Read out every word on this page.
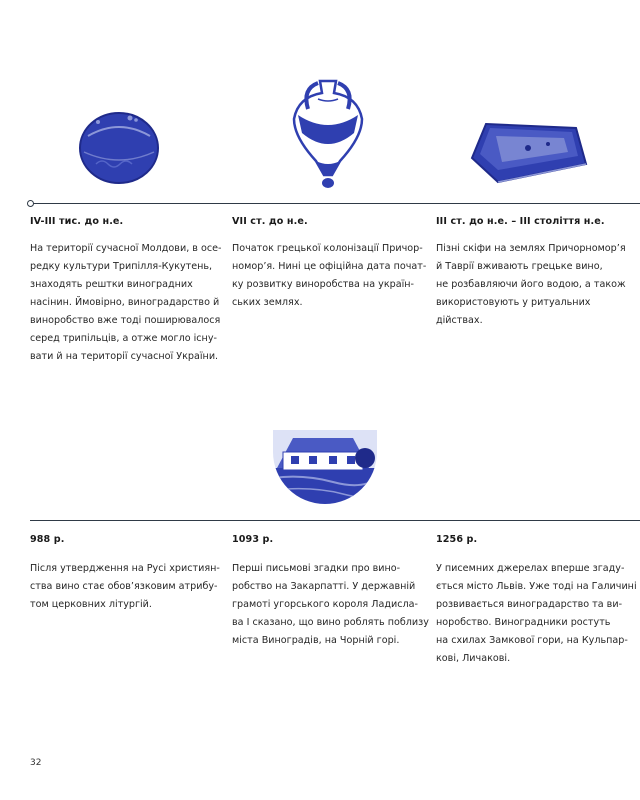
IV-III тис. до н.е.
На території сучасної Молдови, в осе-
редку культури Трипілля-Кукутень,
знаходять рештки виноградних
насінин. Ймовірно, виноградарство й
виноробство вже тоді поширювалося
серед трипільців, а отже могло існу-
вати й на території сучасної України.
VII ст. до н.е.
Початок грецької колонізації Причор-
номор’я. Нині це офіційна дата почат-
ку розвитку виноробства на україн-
ських землях.
III ст. до н.е. – III століття н.е.
Пізні скіфи на землях Причорномор’я
й Таврії вживають грецьке вино,
не розбавляючи його водою, а також
використовують у ритуальних дійствах.
988 р.
Після утвердження на Русі християн-
ства вино стає обов’язковим атрибу-
том церковних літургій.
1093 р.
Перші письмові згадки про вино-
робство на Закарпатті. У державній
грамоті угорського короля Ладисла-
ва I сказано, що вино роблять поблизу
міста Виноградів, на Чорній горі.
1256 р.
У писемних джерелах вперше згаду-
ється місто Львів. Уже тоді на Галичині
розвивається виноградарство та ви-
норобство. Виноградники ростуть
на схилах Замкової гори, на Кульпар-
кові, Личакові.
32
